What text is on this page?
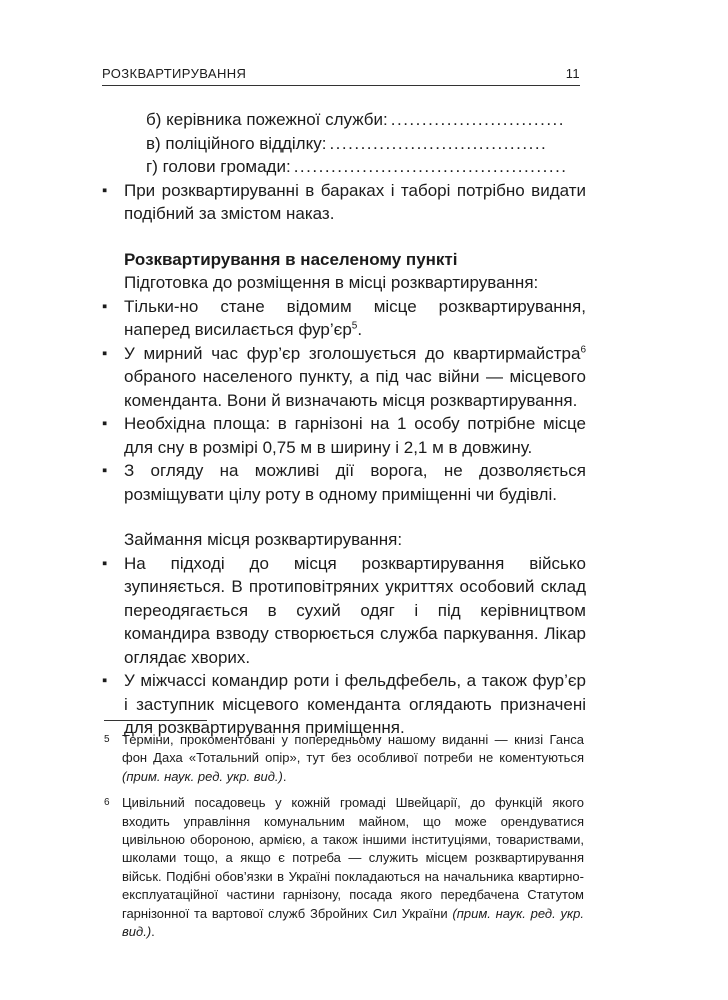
РОЗКВАРТИРУВАННЯ	11
б) керівника пожежної служби: ............................
в) поліційного відділку: ...................................
г) голови громади: ............................................
▪ При розквартируванні в бараках і таборі потрібно видати подібний за змістом наказ.
Розквартирування в населеному пункті
Підготовка до розміщення в місці розквартирування:
▪ Тільки-но стане відомим місце розквартирування, наперед висилається $фур’єр^5$.
▪ У мирний час фур’єр зголошується до квартирмайстра$^6$ обраного населеного пункту, а під час війни — місцевого коменданта. Вони й визначають місця розквартирування.
▪ Необхідна площа: в гарнізоні на 1 особу потрібне місце для сну в розмірі 0,75 м в ширину і 2,1 м в довжину.
▪ З огляду на можливі дії ворога, не дозволяється розміщувати цілу роту в одному приміщенні чи будівлі.
Займання місця розквартирування:
▪ На підході до місця розквартирування військо зупиняється. В протиповітряних укриттях особовий склад переодягається в сухий одяг і під керівництвом командира взводу створюється служба паркування. Лікар оглядає хворих.
▪ У міжчассі командир роти і фельдфебель, а також фур’єр і заступник місцевого коменданта оглядають призначені для розквартирування приміщення.
5 Терміни, прокоментовані у попередньому нашому виданні — книзі Ганса фон Даха «Тотальний опір», тут без особливої потреби не коментуються (прим. наук. ред. укр. вид.).
6 Цивільний посадовець у кожній громаді Швейцарії, до функцій якого входить управління комунальним майном, що може орендуватися цивільною обороною, армією, а також іншими інституціями, товариствами, школами тощо, а якщо є потреба — служить місцем розквартирування військ. Подібні обов’язки в Україні покладаються на начальника квартирно-експлуатаційної частини гарнізону, посада якого передбачена Статутом гарнізонної та вартової служб Збройних Сил України (прим. наук. ред. укр. вид.).
